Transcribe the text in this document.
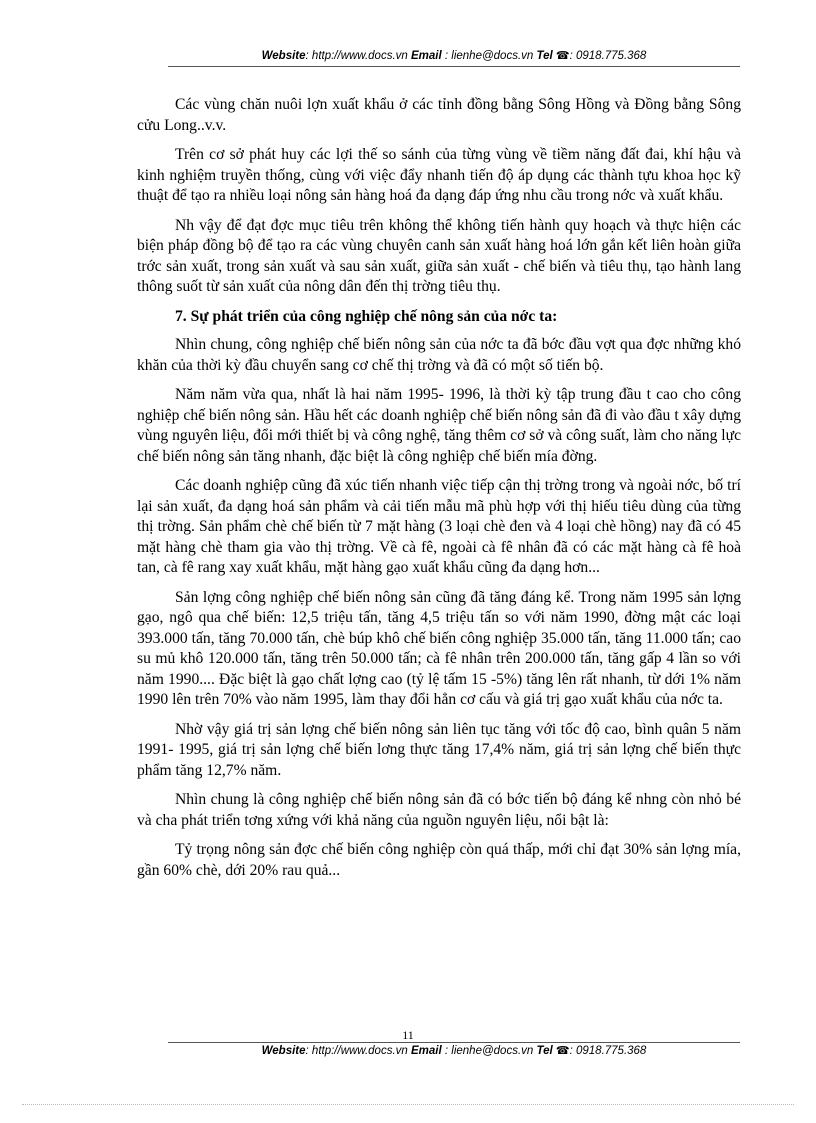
Website: http://www.docs.vn Email : lienhe@docs.vn Tel ☎: 0918.775.368

Các vùng chăn nuôi lợn xuất khẩu ở các tỉnh đồng bằng Sông Hồng và Đồng bằng Sông cửu Long..v.v.

Trên cơ sở phát huy các lợi thế so sánh của từng vùng về tiềm năng đất đai, khí hậu và kinh nghiệm truyền thống, cùng với việc đẩy nhanh tiến độ áp dụng các thành tựu khoa học kỹ thuật để tạo ra nhiều loại nông sản hàng hoá đa dạng đáp ứng nhu cầu trong nớc và xuất khẩu.

Nh vậy để đạt đợc mục tiêu trên không thể không tiến hành quy hoạch và thực hiện các biện pháp đồng bộ để tạo ra các vùng chuyên canh sản xuất hàng hoá lớn gắn kết liên hoàn giữa trớc sản xuất, trong sản xuất và sau sản xuất, giữa sản xuất - chế biến và tiêu thụ, tạo hành lang thông suốt từ sản xuất của nông dân đến thị trờng tiêu thụ.

7. Sự phát triển của công nghiệp chế nông sản của nớc ta:

Nhìn chung, công nghiệp chế biến nông sản của nớc ta đã bớc đầu vợt qua đợc những khó khăn của thời kỳ đầu chuyển sang cơ chế thị trờng và đã có một số tiến bộ.

Năm năm vừa qua, nhất là hai năm 1995- 1996, là thời kỳ tập trung đầu t cao cho công nghiệp chế biến nông sản. Hầu hết các doanh nghiệp chế biến nông sản đã đi vào đầu t xây dựng vùng nguyên liệu, đổi mới thiết bị và công nghệ, tăng thêm cơ sở và công suất, làm cho năng lực chế biến nông sản tăng nhanh, đặc biệt là công nghiệp chế biến mía đờng.

Các doanh nghiệp cũng đã xúc tiến nhanh việc tiếp cận thị trờng trong và ngoài nớc, bố trí lại sản xuất, đa dạng hoá sản phẩm và cải tiến mẫu mã phù hợp với thị hiếu tiêu dùng của từng thị trờng. Sản phẩm chè chế biến từ 7 mặt hàng (3 loại chè đen và 4 loại chè hồng) nay đã có 45 mặt hàng chè tham gia vào thị trờng. Về cà fê, ngoài cà fê nhân đã có các mặt hàng cà fê hoà tan, cà fê rang xay xuất khẩu, mặt hàng gạo xuất khẩu cũng đa dạng hơn...

Sản lợng công nghiệp chế biến nông sản cũng đã tăng đáng kể. Trong năm 1995 sản lợng gạo, ngô qua chế biến: 12,5 triệu tấn, tăng 4,5 triệu tấn so với năm 1990, đờng mật các loại 393.000 tấn, tăng 70.000 tấn, chè búp khô chế biến công nghiệp 35.000 tấn, tăng 11.000 tấn; cao su mủ khô 120.000 tấn, tăng trên 50.000 tấn; cà fê nhân trên 200.000 tấn, tăng gấp 4 lần so với năm 1990.... Đặc biệt là gạo chất lợng cao (tỷ lệ tấm 15 -5%) tăng lên rất nhanh, từ dới 1% năm 1990 lên trên 70% vào năm 1995, làm thay đổi hẳn cơ cấu và giá trị gạo xuất khẩu của nớc ta.

Nhờ vậy giá trị sản lợng chế biến nông sản liên tục tăng với tốc độ cao, bình quân 5 năm 1991- 1995, giá trị sản lợng chế biến lơng thực tăng 17,4% năm, giá trị sản lợng chế biến thực phẩm tăng 12,7% năm.

Nhìn chung là công nghiệp chế biến nông sản đã có bớc tiến bộ đáng kể nhng còn nhỏ bé và cha phát triển tơng xứng với khả năng của nguồn nguyên liệu, nổi bật là:

Tỷ trọng nông sản đợc chế biến công nghiệp còn quá thấp, mới chỉ đạt 30% sản lợng mía, gần 60% chè, dới 20% rau quả...

11
Website: http://www.docs.vn Email : lienhe@docs.vn Tel ☎: 0918.775.368
